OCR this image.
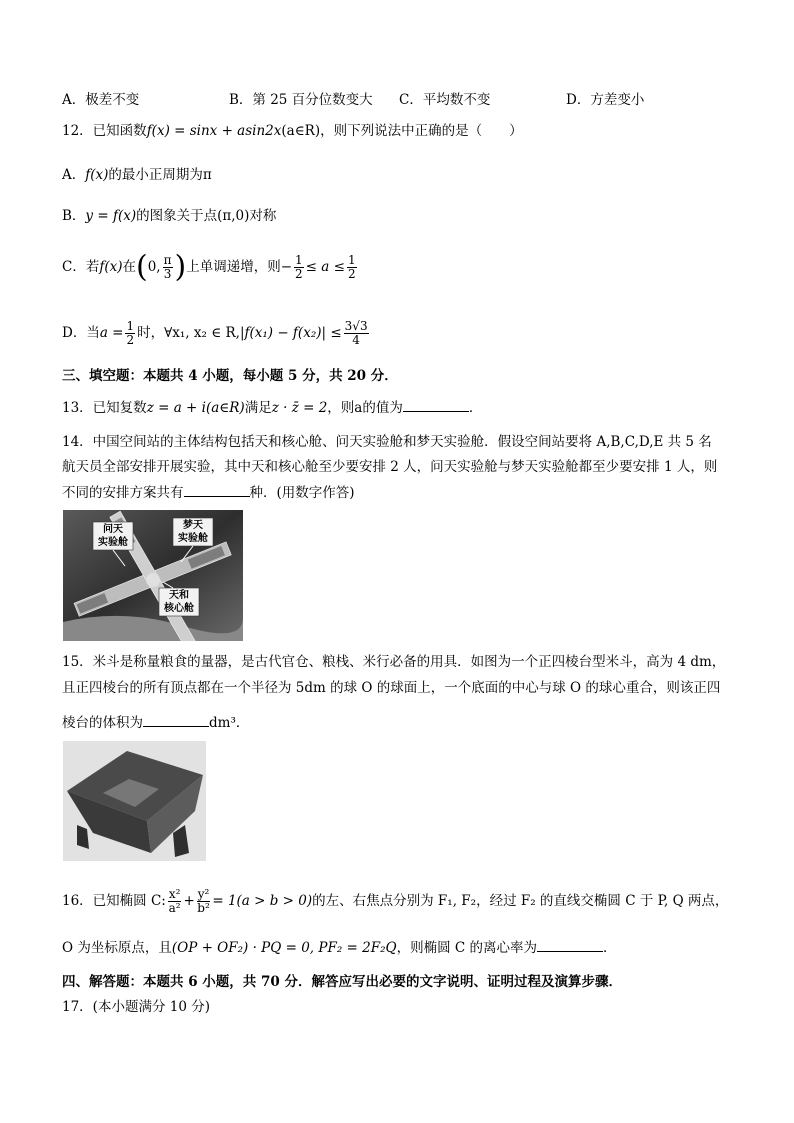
A．极差不变	B．第 25 百分位数变大 C．平均数不变	D．方差变小
12．已知函数f(x) = sinx + asin2x(a∈R)，则下列说法中正确的是（　　）
A．f(x)的最小正周期为π
B．y = f(x)的图象关于点(π,0)对称
C．若f(x)在(0, $\frac{\pi}{3}$ )上单调递增，则− $\frac{1}{2} \le a \le \frac{1}{2}$
D．当$a = \frac{1}{2}$ 时，∀x₁, x₂ ∈ $R,|f(x_1) - f(x_2)| \le \frac{3√3}{4}$
三、填空题：本题共 4 小题，每小题 5 分，共 20 分．
13．已知复数z = a + i(a∈R)满足z · z̄ = 2，则a的值为	．
14．中国空间站的主体结构包括天和核心舱、问天实验舱和梦天实验舱．假设空间站要将 A,B,C,D,E 共 5 名
航天员全部安排开展实验，其中天和核心舱至少要安排 2 人，问天实验舱与梦天实验舱都至少要安排 1 人，则
不同的安排方案共有	种．(用数字作答)
问天
实验舱
梦天
实验舱
天和
核心舱
15．米斗是称量粮食的量器，是古代官仓、粮栈、米行必备的用具．如图为一个正四棱台型米斗，高为 4 dm，
且正四棱台的所有顶点都在一个半径为 5dm 的球 O 的球面上，一个底面的中心与球 O 的球心重合，则该正四
棱台的体积为	dm³．
16．已知椭圆 C: $\frac{\text{x²}}{\text{a²}} + \frac{\text{y²}}{\text{b²}} = 1(a > b > 0)$的左、右焦点分别为 F₁, F₂，经过 F₂ 的直线交椭圆 C 于 P, Q 两点，
O 为坐标原点，且(OP + OF₂) · PQ = 0, PF₂ = 2F₂Q，则椭圆 C 的离心率为	．
四、解答题：本题共 6 小题，共 70 分．解答应写出必要的文字说明、证明过程及演算步骤．
17．(本小题满分 10 分)
